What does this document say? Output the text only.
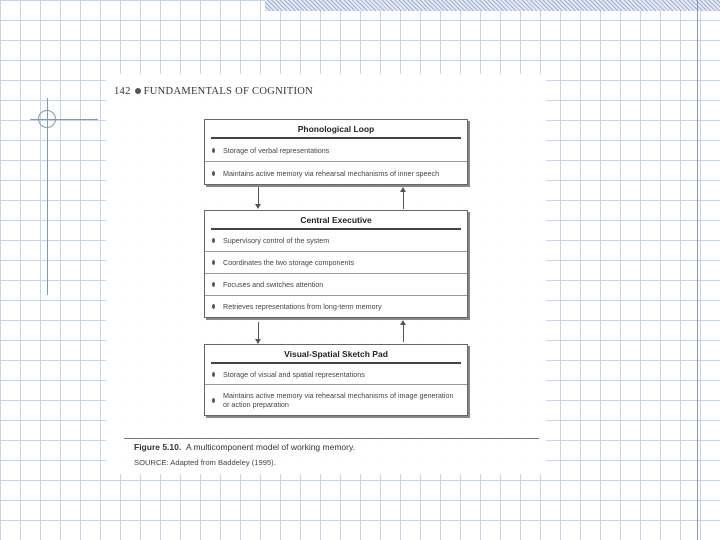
142 FUNDAMENTALS OF COGNITION
Phonological Loop
Storage of verbal representations
Maintains active memory via rehearsal mechanisms of inner speech
Central Executive
Supervisory control of the system
Coordinates the two storage components
Focuses and switches attention
Retrieves representations from long-term memory
Visual-Spatial Sketch Pad
Storage of visual and spatial representations
Maintains active memory via rehearsal mechanisms of image generation or action preparation
Figure 5.10. A multicomponent model of working memory.
SOURCE: Adapted from Baddeley (1995).
